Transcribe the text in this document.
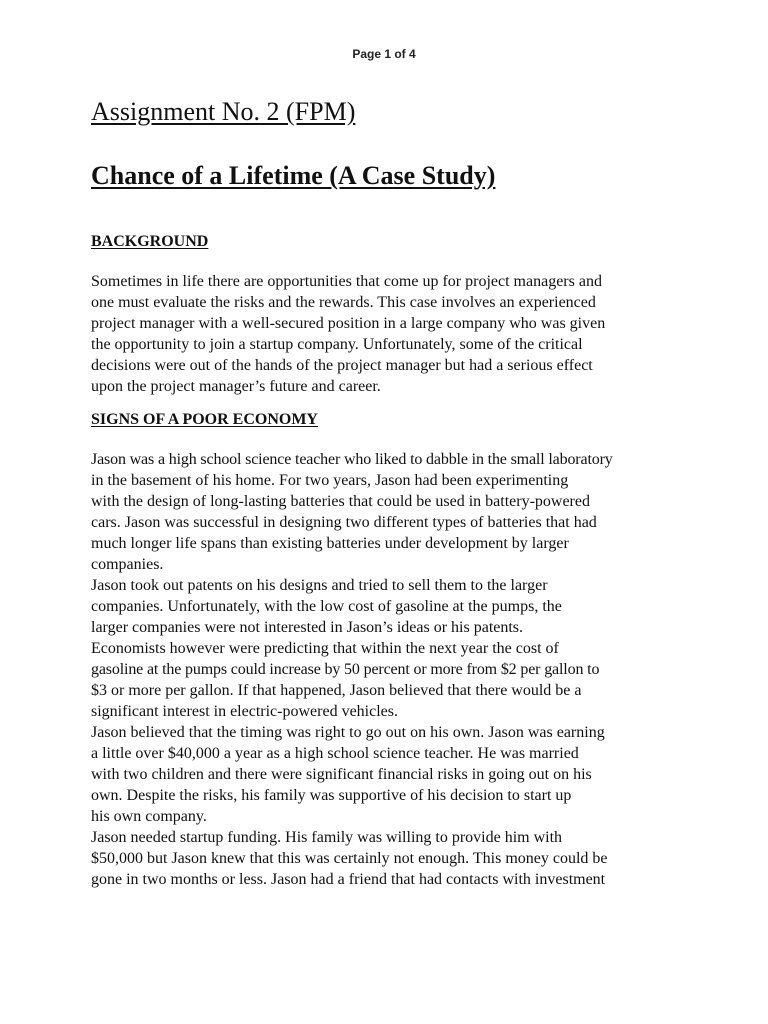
Page 1 of 4
Assignment No. 2 (FPM)
Chance of a Lifetime (A Case Study)
BACKGROUND
Sometimes in life there are opportunities that come up for project managers and
one must evaluate the risks and the rewards. This case involves an experienced
project manager with a well-secured position in a large company who was given
the opportunity to join a startup company. Unfortunately, some of the critical
decisions were out of the hands of the project manager but had a serious effect
upon the project manager’s future and career.
SIGNS OF A POOR ECONOMY
Jason was a high school science teacher who liked to dabble in the small laboratory
in the basement of his home. For two years, Jason had been experimenting
with the design of long-lasting batteries that could be used in battery-powered
cars. Jason was successful in designing two different types of batteries that had
much longer life spans than existing batteries under development by larger
companies.
Jason took out patents on his designs and tried to sell them to the larger
companies. Unfortunately, with the low cost of gasoline at the pumps, the
larger companies were not interested in Jason’s ideas or his patents.
Economists however were predicting that within the next year the cost of
gasoline at the pumps could increase by 50 percent or more from $2 per gallon to
$3 or more per gallon. If that happened, Jason believed that there would be a
significant interest in electric-powered vehicles.
Jason believed that the timing was right to go out on his own. Jason was earning
a little over $40,000 a year as a high school science teacher. He was married
with two children and there were significant financial risks in going out on his
own. Despite the risks, his family was supportive of his decision to start up
his own company.
Jason needed startup funding. His family was willing to provide him with
$50,000 but Jason knew that this was certainly not enough. This money could be
gone in two months or less. Jason had a friend that had contacts with investment
